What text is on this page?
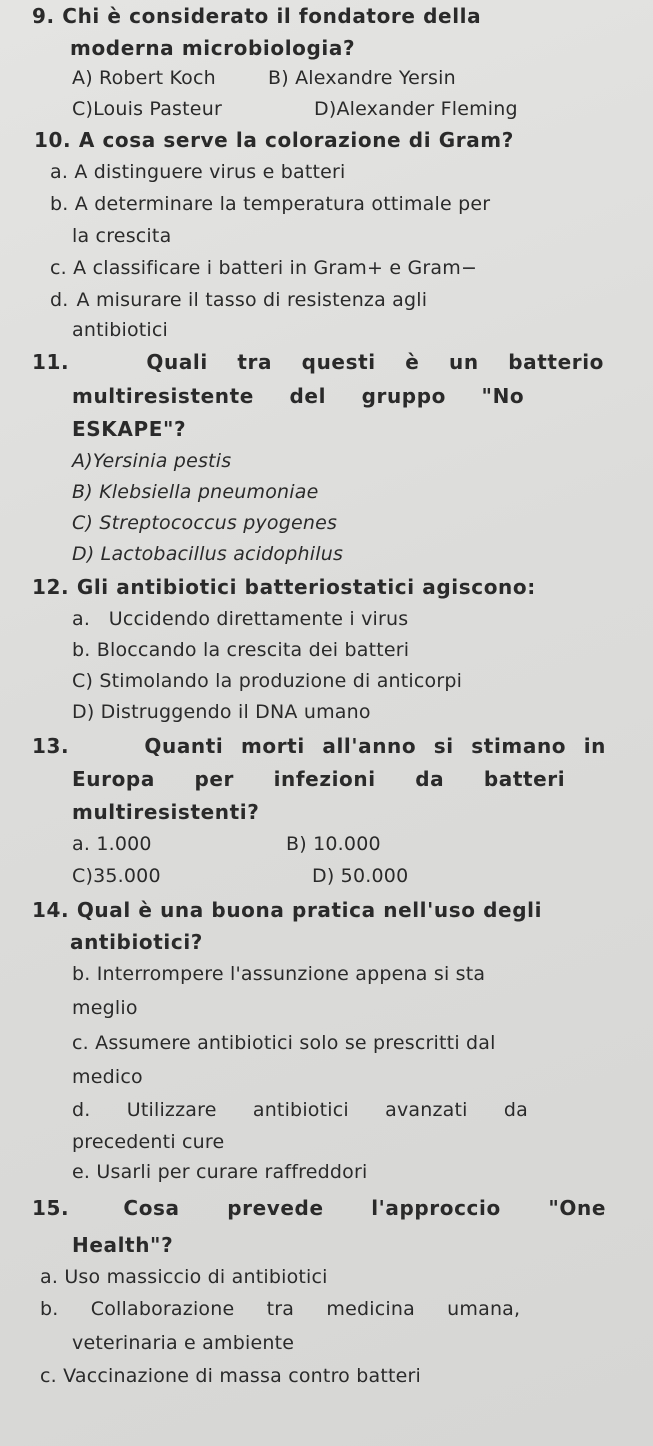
9. Chi è considerato il fondatore della
moderna microbiologia?
A) Robert Koch	B) Alexandre Yersin
C)Louis Pasteur	D)Alexander Fleming
10. A cosa serve la colorazione di Gram?
a. A distinguere virus e batteri
b. A determinare la temperatura ottimale per
la crescita
c. A classificare i batteri in Gram+ e Gram−
d. A misurare il tasso di resistenza agli
antibiotici
11.	Quali tra questi è un batterio
multiresistente del gruppo "No
ESKAPE"?
A)Yersinia pestis
B) Klebsiella pneumoniae
C) Streptococcus pyogenes
D) Lactobacillus acidophilus
12. Gli antibiotici batteriostatici agiscono:
a.   Uccidendo direttamente i virus
b. Bloccando la crescita dei batteri
C) Stimolando la produzione di anticorpi
D) Distruggendo il DNA umano
13.	Quanti morti all'anno si stimano in
Europa per infezioni da batteri
multiresistenti?
a. 1.000	B) 10.000
C)35.000	D) 50.000
14. Qual è una buona pratica nell'uso degli
antibiotici?
b. Interrompere l'assunzione appena si sta
meglio
c. Assumere antibiotici solo se prescritti dal
medico
d. Utilizzare antibiotici avanzati da
precedenti cure
e. Usarli per curare raffreddori
15.	Cosa prevede l'approccio "One
Health"?
a. Uso massiccio di antibiotici
b. Collaborazione tra medicina umana,
veterinaria e ambiente
c. Vaccinazione di massa contro batteri
